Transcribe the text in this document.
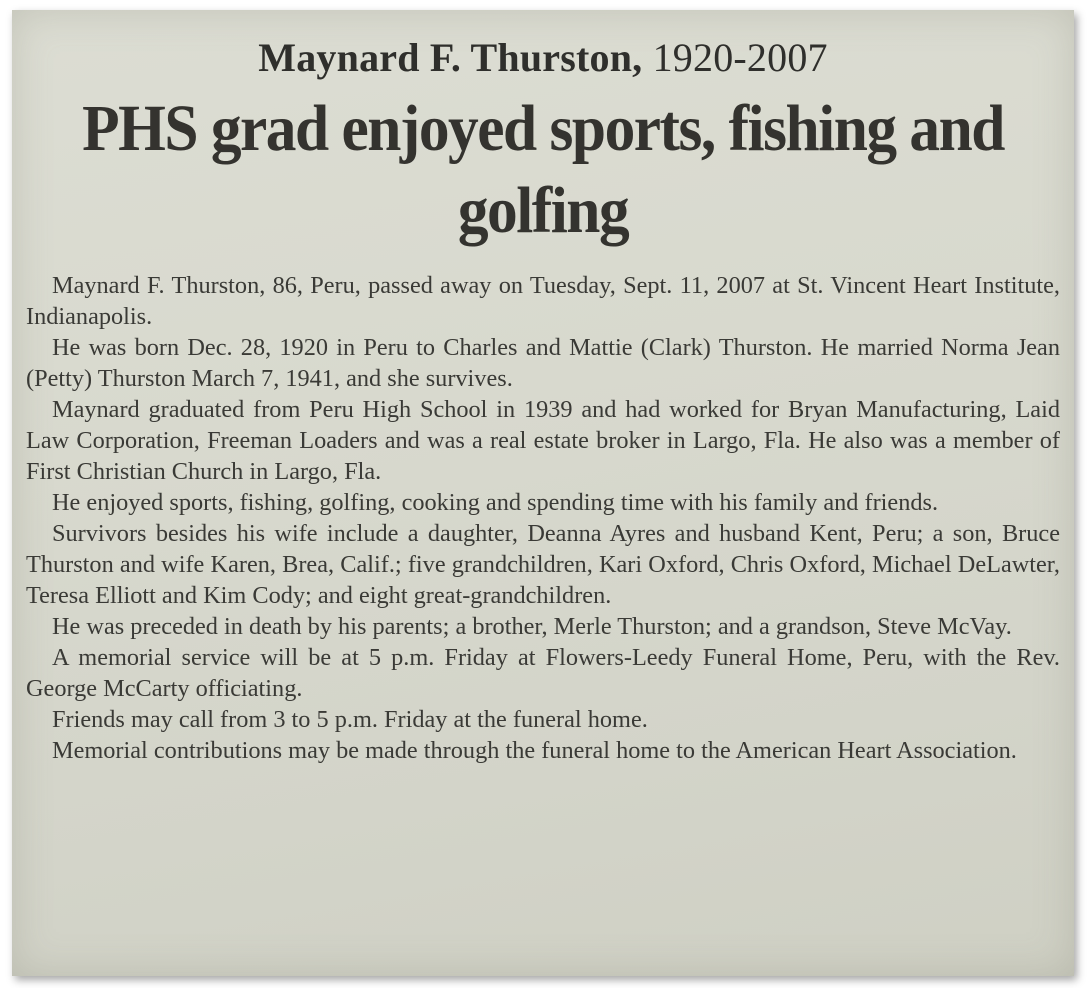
Maynard F. Thurston, 1920-2007
PHS grad enjoyed sports, fishing and golfing

Maynard F. Thurston, 86, Peru, passed away on Tuesday, Sept. 11, 2007 at St. Vincent Heart Institute, Indianapolis.

He was born Dec. 28, 1920 in Peru to Charles and Mattie (Clark) Thurston. He married Norma Jean (Petty) Thurston March 7, 1941, and she survives.

Maynard graduated from Peru High School in 1939 and had worked for Bryan Manufacturing, Laid Law Corporation, Freeman Loaders and was a real estate broker in Largo, Fla. He also was a member of First Christian Church in Largo, Fla.

He enjoyed sports, fishing, golfing, cooking and spending time with his family and friends.

Survivors besides his wife include a daughter, Deanna Ayres and husband Kent, Peru; a son, Bruce Thurston and wife Karen, Brea, Calif.; five grandchildren, Kari Oxford, Chris Oxford, Michael DeLawter, Teresa Elliott and Kim Cody; and eight great-grandchildren.

He was preceded in death by his parents; a brother, Merle Thurston; and a grandson, Steve McVay.

A memorial service will be at 5 p.m. Friday at Flowers-Leedy Funeral Home, Peru, with the Rev. George McCarty officiating.

Friends may call from 3 to 5 p.m. Friday at the funeral home.

Memorial contributions may be made through the funeral home to the American Heart Association.
